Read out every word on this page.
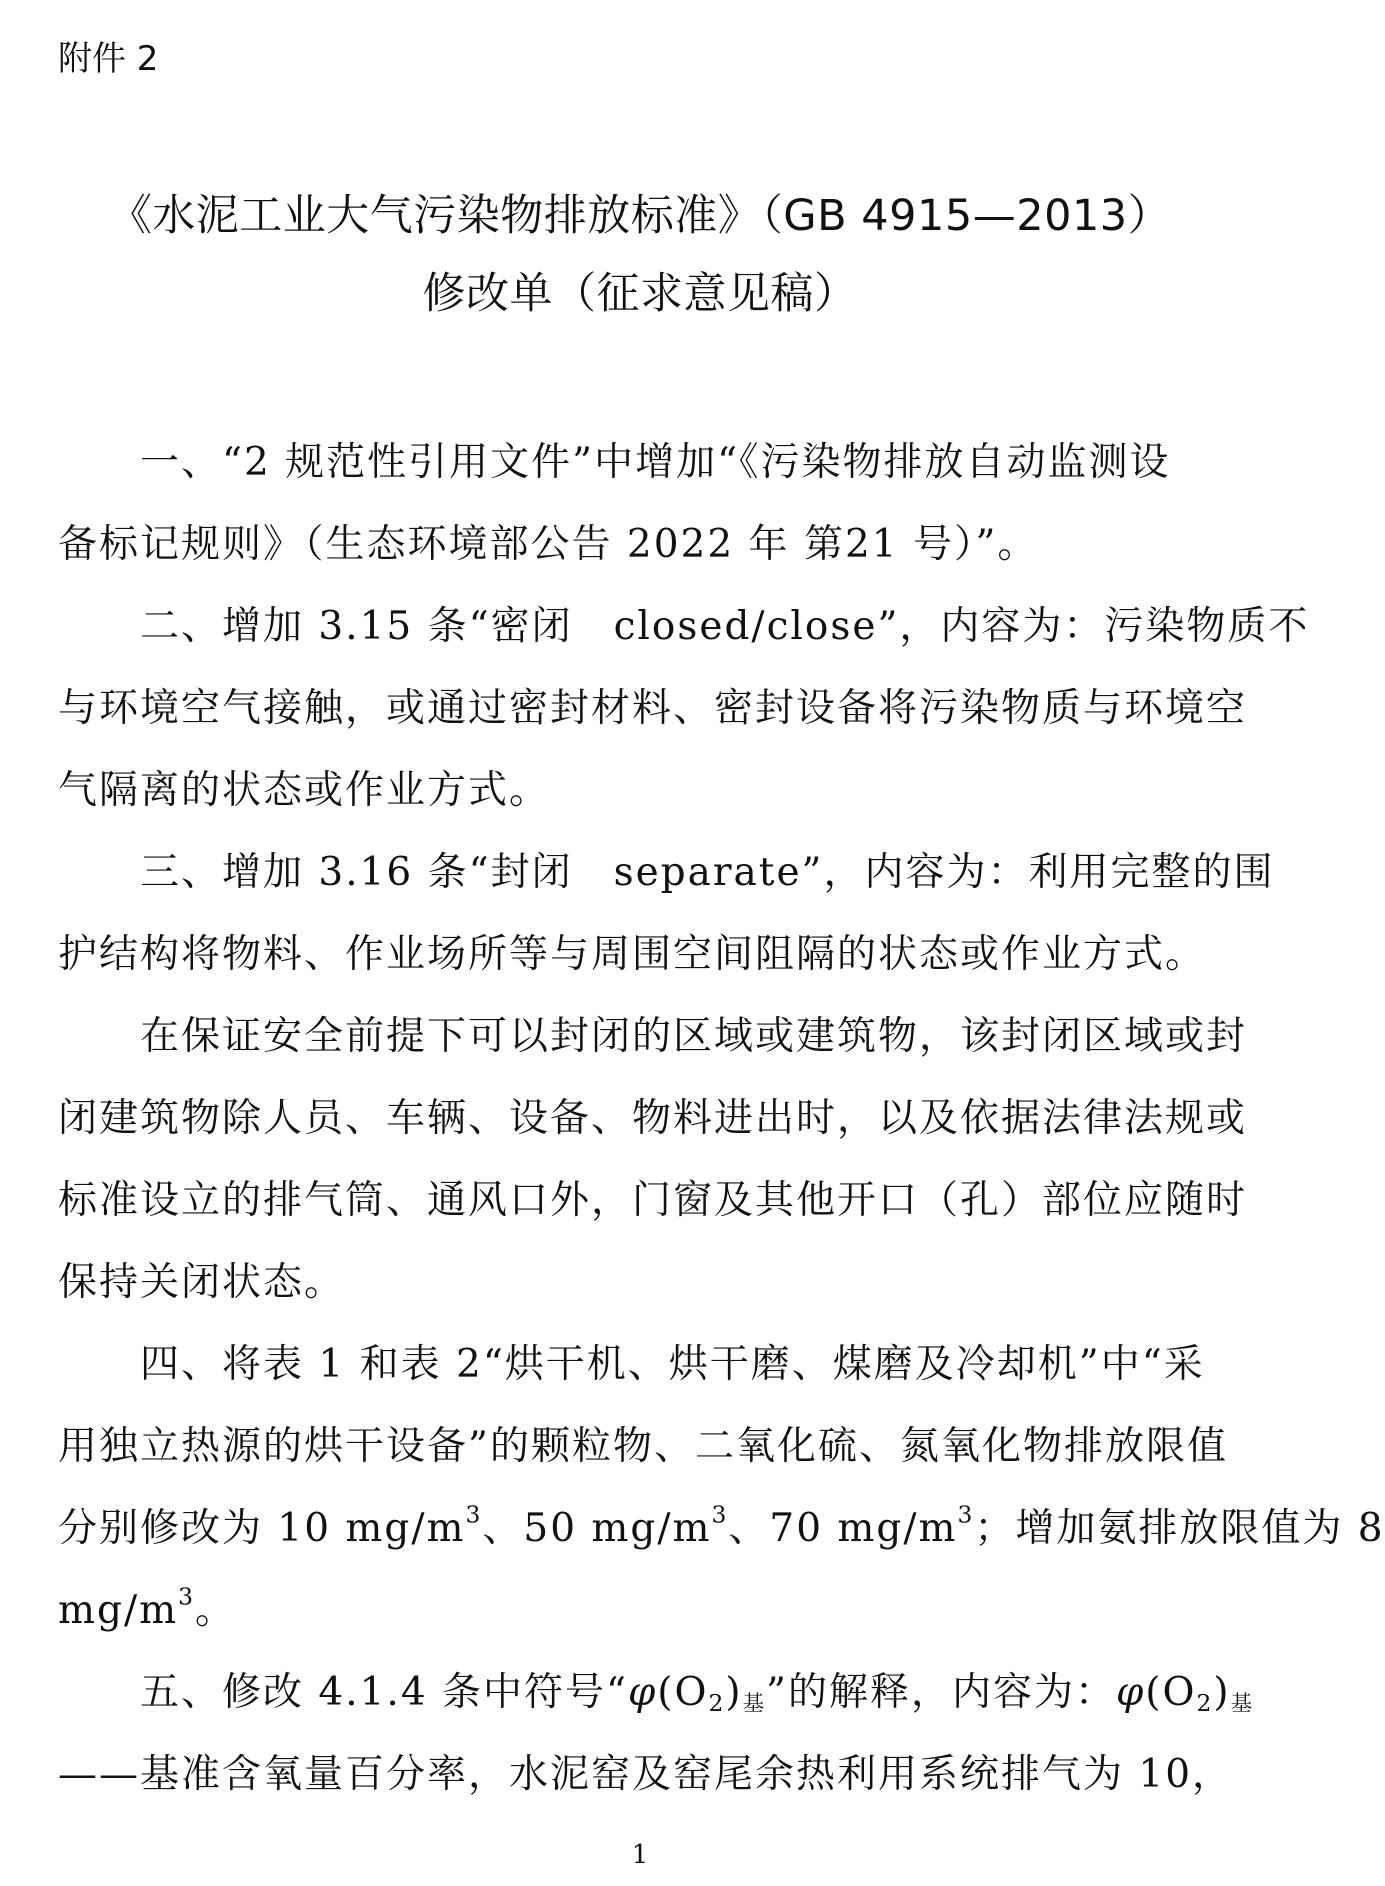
附件 2
《水泥工业大气污染物排放标准》（GB 4915—2013）
修改单（征求意见稿）

一、“2 规范性引用文件”中增加“《污染物排放自动监测设
备标记规则》（生态环境部公告 2022 年 第21 号）”。

二、增加 3.15 条“密闭　closed/close”，内容为：污染物质不
与环境空气接触，或通过密封材料、密封设备将污染物质与环境空
气隔离的状态或作业方式。

三、增加 3.16 条“封闭　separate”，内容为：利用完整的围
护结构将物料、作业场所等与周围空间阻隔的状态或作业方式。

在保证安全前提下可以封闭的区域或建筑物，该封闭区域或封
闭建筑物除人员、车辆、设备、物料进出时，以及依据法律法规或
标准设立的排气筒、通风口外，门窗及其他开口（孔）部位应随时
保持关闭状态。

四、将表 1 和表 2“烘干机、烘干磨、煤磨及冷却机”中“采
用独立热源的烘干设备”的颗粒物、二氧化硫、氮氧化物排放限值
分别修改为 10 $mg/m^3$、50 $mg/m^3$、70 $mg/m^3$；增加氨排放限值为 8
$mg/m^3$。

五、修改 4.1.4 条中符号“$\varphi(O_2)_基$”的解释，内容为：$\varphi(O_2)_基$
——基准含氧量百分率，水泥窑及窑尾余热利用系统排气为 10，

1
